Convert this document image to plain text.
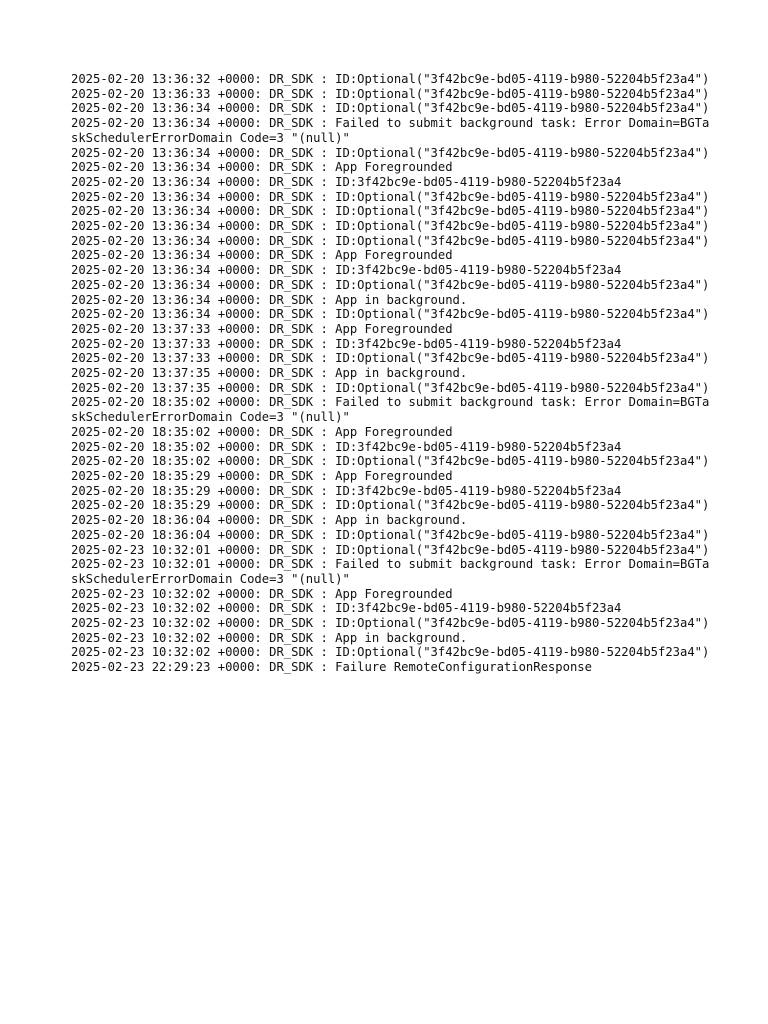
2025-02-20 13:36:32 +0000: DR_SDK : ID:Optional("3f42bc9e-bd05-4119-b980-52204b5f23a4")
2025-02-20 13:36:33 +0000: DR_SDK : ID:Optional("3f42bc9e-bd05-4119-b980-52204b5f23a4")
2025-02-20 13:36:34 +0000: DR_SDK : ID:Optional("3f42bc9e-bd05-4119-b980-52204b5f23a4")
2025-02-20 13:36:34 +0000: DR_SDK : Failed to submit background task: Error Domain=BGTaskSchedulerErrorDomain Code=3 "(null)"
2025-02-20 13:36:34 +0000: DR_SDK : ID:Optional("3f42bc9e-bd05-4119-b980-52204b5f23a4")
2025-02-20 13:36:34 +0000: DR_SDK : App Foregrounded
2025-02-20 13:36:34 +0000: DR_SDK : ID:3f42bc9e-bd05-4119-b980-52204b5f23a4
2025-02-20 13:36:34 +0000: DR_SDK : ID:Optional("3f42bc9e-bd05-4119-b980-52204b5f23a4")
2025-02-20 13:36:34 +0000: DR_SDK : ID:Optional("3f42bc9e-bd05-4119-b980-52204b5f23a4")
2025-02-20 13:36:34 +0000: DR_SDK : ID:Optional("3f42bc9e-bd05-4119-b980-52204b5f23a4")
2025-02-20 13:36:34 +0000: DR_SDK : ID:Optional("3f42bc9e-bd05-4119-b980-52204b5f23a4")
2025-02-20 13:36:34 +0000: DR_SDK : App Foregrounded
2025-02-20 13:36:34 +0000: DR_SDK : ID:3f42bc9e-bd05-4119-b980-52204b5f23a4
2025-02-20 13:36:34 +0000: DR_SDK : ID:Optional("3f42bc9e-bd05-4119-b980-52204b5f23a4")
2025-02-20 13:36:34 +0000: DR_SDK : App in background.
2025-02-20 13:36:34 +0000: DR_SDK : ID:Optional("3f42bc9e-bd05-4119-b980-52204b5f23a4")
2025-02-20 13:37:33 +0000: DR_SDK : App Foregrounded
2025-02-20 13:37:33 +0000: DR_SDK : ID:3f42bc9e-bd05-4119-b980-52204b5f23a4
2025-02-20 13:37:33 +0000: DR_SDK : ID:Optional("3f42bc9e-bd05-4119-b980-52204b5f23a4")
2025-02-20 13:37:35 +0000: DR_SDK : App in background.
2025-02-20 13:37:35 +0000: DR_SDK : ID:Optional("3f42bc9e-bd05-4119-b980-52204b5f23a4")
2025-02-20 18:35:02 +0000: DR_SDK : Failed to submit background task: Error Domain=BGTaskSchedulerErrorDomain Code=3 "(null)"
2025-02-20 18:35:02 +0000: DR_SDK : App Foregrounded
2025-02-20 18:35:02 +0000: DR_SDK : ID:3f42bc9e-bd05-4119-b980-52204b5f23a4
2025-02-20 18:35:02 +0000: DR_SDK : ID:Optional("3f42bc9e-bd05-4119-b980-52204b5f23a4")
2025-02-20 18:35:29 +0000: DR_SDK : App Foregrounded
2025-02-20 18:35:29 +0000: DR_SDK : ID:3f42bc9e-bd05-4119-b980-52204b5f23a4
2025-02-20 18:35:29 +0000: DR_SDK : ID:Optional("3f42bc9e-bd05-4119-b980-52204b5f23a4")
2025-02-20 18:36:04 +0000: DR_SDK : App in background.
2025-02-20 18:36:04 +0000: DR_SDK : ID:Optional("3f42bc9e-bd05-4119-b980-52204b5f23a4")
2025-02-23 10:32:01 +0000: DR_SDK : ID:Optional("3f42bc9e-bd05-4119-b980-52204b5f23a4")
2025-02-23 10:32:01 +0000: DR_SDK : Failed to submit background task: Error Domain=BGTaskSchedulerErrorDomain Code=3 "(null)"
2025-02-23 10:32:02 +0000: DR_SDK : App Foregrounded
2025-02-23 10:32:02 +0000: DR_SDK : ID:3f42bc9e-bd05-4119-b980-52204b5f23a4
2025-02-23 10:32:02 +0000: DR_SDK : ID:Optional("3f42bc9e-bd05-4119-b980-52204b5f23a4")
2025-02-23 10:32:02 +0000: DR_SDK : App in background.
2025-02-23 10:32:02 +0000: DR_SDK : ID:Optional("3f42bc9e-bd05-4119-b980-52204b5f23a4")
2025-02-23 22:29:23 +0000: DR_SDK : Failure RemoteConfigurationResponse
